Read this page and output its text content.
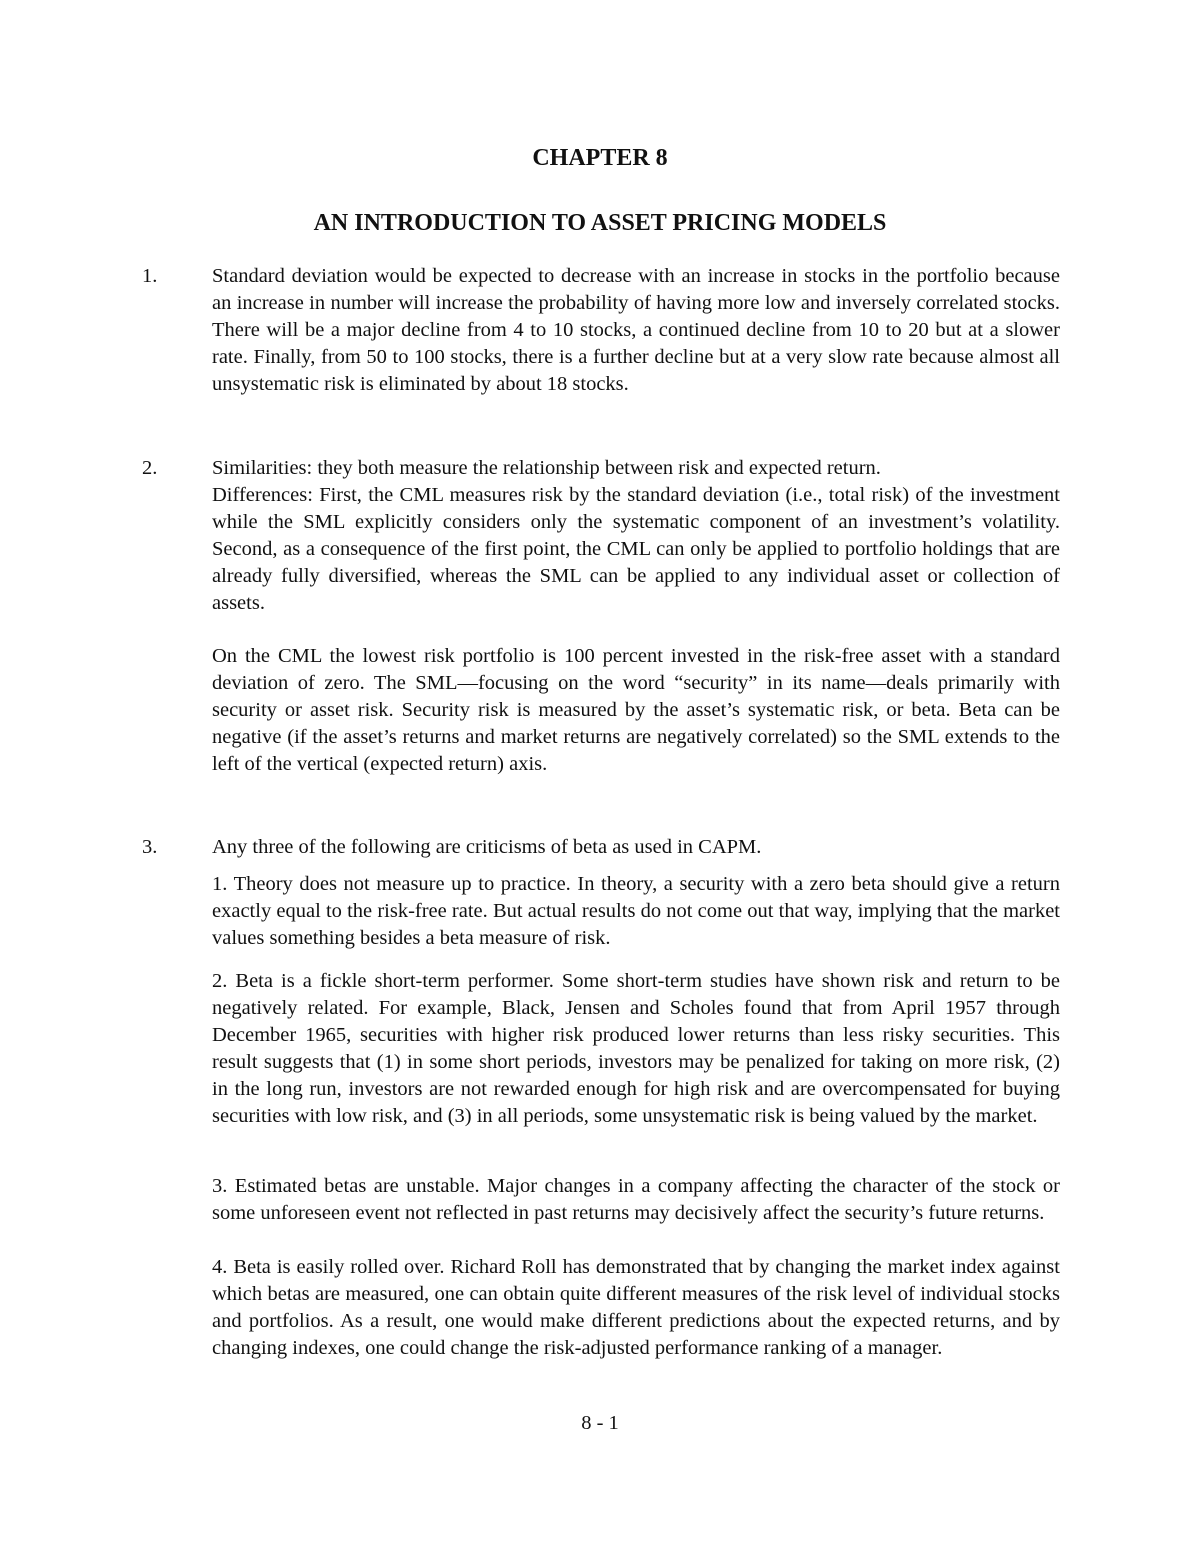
CHAPTER 8
AN INTRODUCTION TO ASSET PRICING MODELS
1.	Standard deviation would be expected to decrease with an increase in stocks in the portfolio because an increase in number will increase the probability of having more low and inversely correlated stocks. There will be a major decline from 4 to 10 stocks, a continued decline from 10 to 20 but at a slower rate. Finally, from 50 to 100 stocks, there is a further decline but at a very slow rate because almost all unsystematic risk is eliminated by about 18 stocks.

2.	Similarities: they both measure the relationship between risk and expected return.

Differences: First, the CML measures risk by the standard deviation (i.e., total risk) of the investment while the SML explicitly considers only the systematic component of an investment’s volatility. Second, as a consequence of the first point, the CML can only be applied to portfolio holdings that are already fully diversified, whereas the SML can be applied to any individual asset or collection of assets.

On the CML the lowest risk portfolio is 100 percent invested in the risk-free asset with a standard deviation of zero. The SML—focusing on the word “security” in its name—deals primarily with security or asset risk. Security risk is measured by the asset’s systematic risk, or beta. Beta can be negative (if the asset’s returns and market returns are negatively correlated) so the SML extends to the left of the vertical (expected return) axis.

3.	Any three of the following are criticisms of beta as used in CAPM.

1. Theory does not measure up to practice. In theory, a security with a zero beta should give a return exactly equal to the risk-free rate. But actual results do not come out that way, implying that the market values something besides a beta measure of risk.

2. Beta is a fickle short-term performer. Some short-term studies have shown risk and return to be negatively related. For example, Black, Jensen and Scholes found that from April 1957 through December 1965, securities with higher risk produced lower returns than less risky securities. This result suggests that (1) in some short periods, investors may be penalized for taking on more risk, (2) in the long run, investors are not rewarded enough for high risk and are overcompensated for buying securities with low risk, and (3) in all periods, some unsystematic risk is being valued by the market.

3. Estimated betas are unstable. Major changes in a company affecting the character of the stock or some unforeseen event not reflected in past returns may decisively affect the security’s future returns.

4. Beta is easily rolled over. Richard Roll has demonstrated that by changing the market index against which betas are measured, one can obtain quite different measures of the risk level of individual stocks and portfolios. As a result, one would make different predictions about the expected returns, and by changing indexes, one could change the risk-adjusted performance ranking of a manager.

8 - 1
